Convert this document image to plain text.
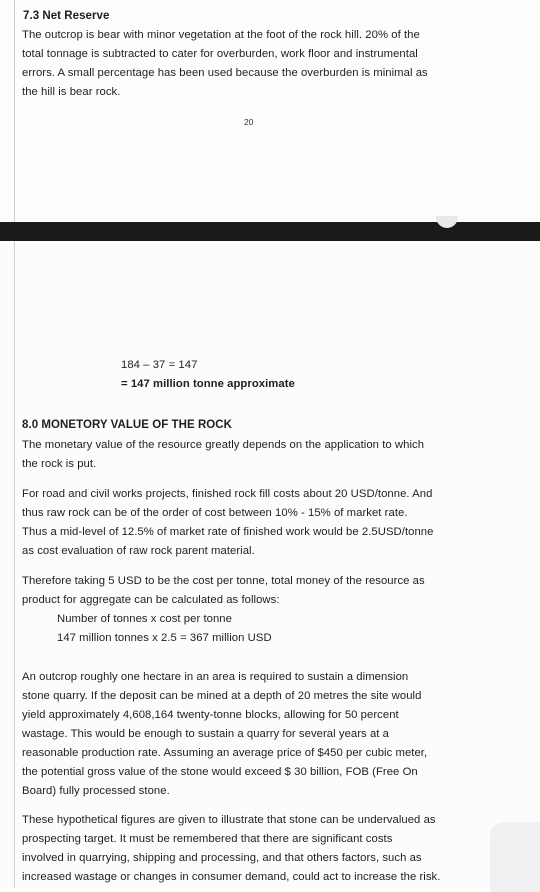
7.3 Net Reserve
The outcrop is bear with minor vegetation at the foot of the rock hill. 20% of the
total tonnage is subtracted to cater for overburden, work floor and instrumental
errors. A small percentage has been used because the overburden is minimal as
the hill is bear rock.
20
184 – 37 = 147
= 147 million tonne approximate
8.0 MONETORY VALUE OF THE ROCK
The monetary value of the resource greatly depends on the application to which
the rock is put.
For road and civil works projects, finished rock fill costs about 20 USD/tonne. And
thus raw rock can be of the order of cost between 10% - 15% of market rate.
Thus a mid-level of 12.5% of market rate of finished work would be 2.5USD/tonne
as cost evaluation of raw rock parent material.
Therefore taking 5 USD to be the cost per tonne, total money of the resource as
product for aggregate can be calculated as follows:
Number of tonnes x cost per tonne
147 million tonnes x 2.5 = 367 million USD
An outcrop roughly one hectare in an area is required to sustain a dimension
stone quarry. If the deposit can be mined at a depth of 20 metres the site would
yield approximately 4,608,164 twenty-tonne blocks, allowing for 50 percent
wastage. This would be enough to sustain a quarry for several years at a
reasonable production rate. Assuming an average price of $450 per cubic meter,
the potential gross value of the stone would exceed $ 30 billion, FOB (Free On
Board) fully processed stone.
These hypothetical figures are given to illustrate that stone can be undervalued as
prospecting target. It must be remembered that there are significant costs
involved in quarrying, shipping and processing, and that others factors, such as
increased wastage or changes in consumer demand, could act to increase the risk.
